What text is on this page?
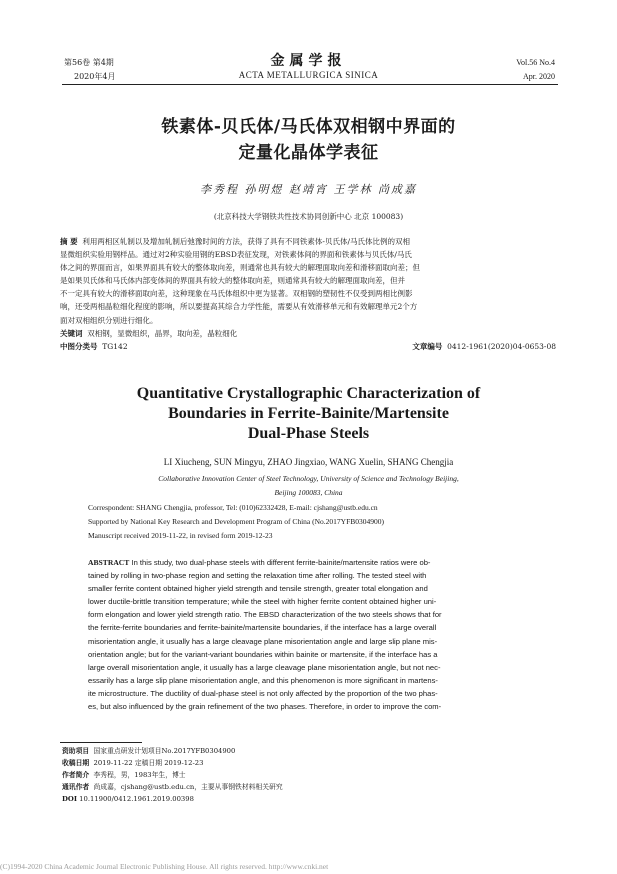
第56卷 第4期
2020年4月
金属学报
ACTA METALLURGICA SINICA
Vol.56 No.4
Apr. 2020
铁素体-贝氏体/马氏体双相钢中界面的
定量化晶体学表征
李秀程 孙明煜 赵靖宵 王学林 尚成嘉
(北京科技大学钢铁共性技术协同创新中心 北京 100083)
摘 要 利用两相区轧制以及增加轧制后弛豫时间的方法，获得了具有不同铁素体-贝氏体/马氏体比例的双相
显微组织实验用钢样品。通过对2种实验用钢的EBSD表征发现，对铁素体间的界面和铁素体与贝氏体/马氏
体之间的界面而言，如果界面具有较大的整体取向差，则通常也具有较大的解理面取向差和滑移面取向差；但
是如果贝氏体和马氏体内部变体间的界面具有较大的整体取向差，则通常具有较大的解理面取向差，但并
不一定具有较大的滑移面取向差，这种现象在马氏体组织中更为显著。双相钢的塑韧性不仅受到两相比例影
响，还受两相晶粒细化程度的影响，所以要提高其综合力学性能，需要从有效滑移单元和有效解理单元2个方
面对双相组织分别进行细化。
关键词 双相钢，显微组织，晶界，取向差，晶粒细化
中图分类号 TG142	文章编号 0412-1961(2020)04-0653-08
Quantitative Crystallographic Characterization of
Boundaries in Ferrite-Bainite/Martensite
Dual-Phase Steels
LI Xiucheng, SUN Mingyu, ZHAO Jingxiao, WANG Xuelin, SHANG Chengjia
Collaborative Innovation Center of Steel Technology, University of Science and Technology Beijing,
Beijing 100083, China
Correspondent: SHANG Chengjia, professor, Tel: (010)62332428, E-mail: cjshang@ustb.edu.cn
Supported by National Key Research and Development Program of China (No.2017YFB0304900)
Manuscript received 2019-11-22, in revised form 2019-12-23
ABSTRACT In this study, two dual-phase steels with different ferrite-bainite/martensite ratios were ob-
tained by rolling in two-phase region and setting the relaxation time after rolling. The tested steel with
smaller ferrite content obtained higher yield strength and tensile strength, greater total elongation and
lower ductile-brittle transition temperature; while the steel with higher ferrite content obtained higher uni-
form elongation and lower yield strength ratio. The EBSD characterization of the two steels shows that for
the ferrite-ferrite boundaries and ferrite-bainite/martensite boundaries, if the interface has a large overall
misorientation angle, it usually has a large cleavage plane misorientation angle and large slip plane mis-
orientation angle; but for the variant-variant boundaries within bainite or martensite, if the interface has a
large overall misorientation angle, it usually has a large cleavage plane misorientation angle, but not nec-
essarily has a large slip plane misorientation angle, and this phenomenon is more significant in martens-
ite microstructure. The ductility of dual-phase steel is not only affected by the proportion of the two phas-
es, but also influenced by the grain refinement of the two phases. Therefore, in order to improve the com-
资助项目 国家重点研发计划项目No.2017YFB0304900
收稿日期 2019-11-22 定稿日期 2019-12-23
作者简介 李秀程，男，1983年生，博士
通讯作者 尚成嘉，cjshang@ustb.edu.cn，主要从事钢铁材料相关研究
DOI 10.11900/0412.1961.2019.00398
(C)1994-2020 China Academic Journal Electronic Publishing House. All rights reserved. http://www.cnki.net
